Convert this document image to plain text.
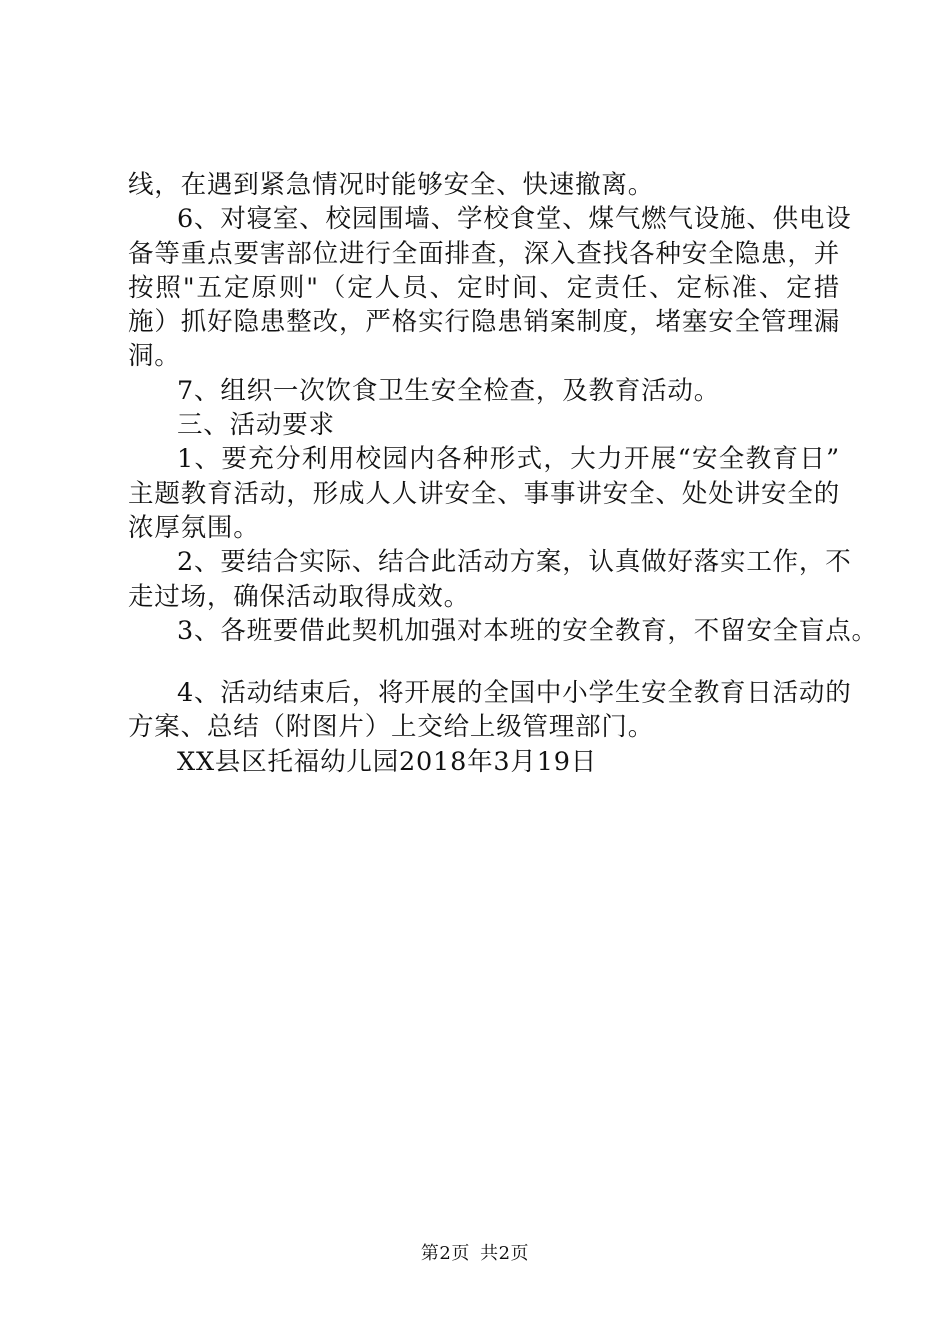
线，在遇到紧急情况时能够安全、快速撤离。
6、对寝室、校园围墙、学校食堂、煤气燃气设施、供电设
备等重点要害部位进行全面排查，深入查找各种安全隐患，并
按照"五定原则"（定人员、定时间、定责任、定标准、定措
施）抓好隐患整改，严格实行隐患销案制度，堵塞安全管理漏
洞。
7、组织一次饮食卫生安全检查，及教育活动。
三、活动要求
1、要充分利用校园内各种形式，大力开展“安全教育日”
主题教育活动，形成人人讲安全、事事讲安全、处处讲安全的
浓厚氛围。
2、要结合实际、结合此活动方案，认真做好落实工作，不
走过场，确保活动取得成效。
3、各班要借此契机加强对本班的安全教育，不留安全盲点。
4、活动结束后，将开展的全国中小学生安全教育日活动的
方案、总结（附图片）上交给上级管理部门。
XX县区托福幼儿园2018年3月19日
第2页 共2页
